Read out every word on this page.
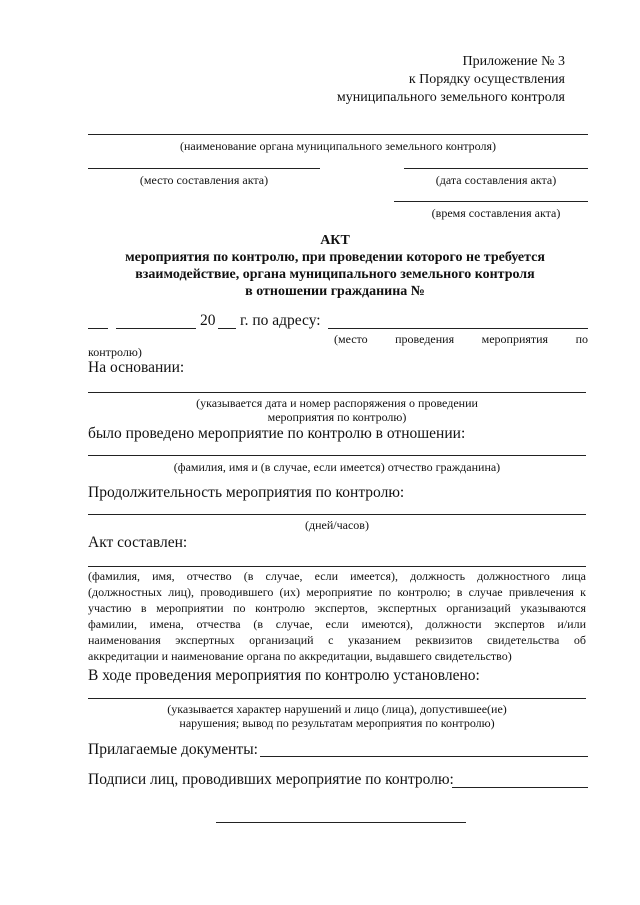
Приложение № 3
к Порядку осуществления
муниципального земельного контроля
(наименование органа муниципального земельного контроля)
(место составления акта)	(дата составления акта)
(время составления акта)
АКТ
мероприятия по контролю, при проведении которого не требуется
взаимодействие, органа муниципального земельного контроля
в отношении гражданина №
20 г. по адресу:
(место проведения мероприятия по
контролю)
На основании:
(указывается дата и номер распоряжения о проведении
мероприятия по контролю)
было проведено мероприятие по контролю в отношении:
(фамилия, имя и (в случае, если имеется) отчество гражданина)
Продолжительность мероприятия по контролю:
(дней/часов)
Акт составлен:
(фамилия, имя, отчество (в случае, если имеется), должность должностного лица
(должностных лиц), проводившего (их) мероприятие по контролю; в случае привлечения к
участию в мероприятии по контролю экспертов, экспертных организаций указываются
фамилии, имена, отчества (в случае, если имеются), должности экспертов и/или
наименования экспертных организаций с указанием реквизитов свидетельства об
аккредитации и наименование органа по аккредитации, выдавшего свидетельство)
В ходе проведения мероприятия по контролю установлено:
(указывается характер нарушений и лицо (лица), допустившее(ие)
нарушения; вывод по результатам мероприятия по контролю)
Прилагаемые документы:
Подписи лиц, проводивших мероприятие по контролю:
